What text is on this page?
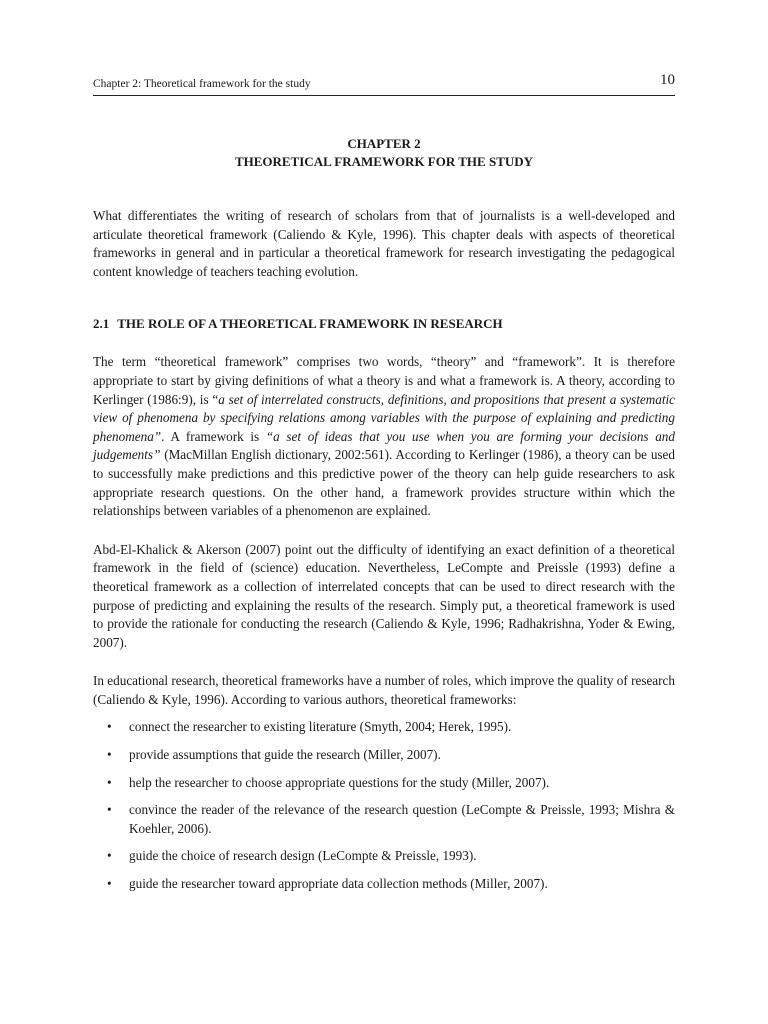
Chapter 2: Theoretical framework for the study	10
CHAPTER 2
THEORETICAL FRAMEWORK FOR THE STUDY

What differentiates the writing of research of scholars from that of journalists is a well-developed and articulate theoretical framework (Caliendo & Kyle, 1996). This chapter deals with aspects of theoretical frameworks in general and in particular a theoretical framework for research investigating the pedagogical content knowledge of teachers teaching evolution.

2.1 THE ROLE OF A THEORETICAL FRAMEWORK IN RESEARCH

The term “theoretical framework” comprises two words, “theory” and “framework”. It is therefore appropriate to start by giving definitions of what a theory is and what a framework is. A theory, according to Kerlinger (1986:9), is “a set of interrelated constructs, definitions, and propositions that present a systematic view of phenomena by specifying relations among variables with the purpose of explaining and predicting phenomena”. A framework is “a set of ideas that you use when you are forming your decisions and judgements” (MacMillan English dictionary, 2002:561). According to Kerlinger (1986), a theory can be used to successfully make predictions and this predictive power of the theory can help guide researchers to ask appropriate research questions. On the other hand, a framework provides structure within which the relationships between variables of a phenomenon are explained.

Abd-El-Khalick & Akerson (2007) point out the difficulty of identifying an exact definition of a theoretical framework in the field of (science) education. Nevertheless, LeCompte and Preissle (1993) define a theoretical framework as a collection of interrelated concepts that can be used to direct research with the purpose of predicting and explaining the results of the research. Simply put, a theoretical framework is used to provide the rationale for conducting the research (Caliendo & Kyle, 1996; Radhakrishna, Yoder & Ewing, 2007).

In educational research, theoretical frameworks have a number of roles, which improve the quality of research (Caliendo & Kyle, 1996). According to various authors, theoretical frameworks:

• connect the researcher to existing literature (Smyth, 2004; Herek, 1995).
• provide assumptions that guide the research (Miller, 2007).
• help the researcher to choose appropriate questions for the study (Miller, 2007).
• convince the reader of the relevance of the research question (LeCompte & Preissle, 1993; Mishra & Koehler, 2006).
• guide the choice of research design (LeCompte & Preissle, 1993).
• guide the researcher toward appropriate data collection methods (Miller, 2007).
